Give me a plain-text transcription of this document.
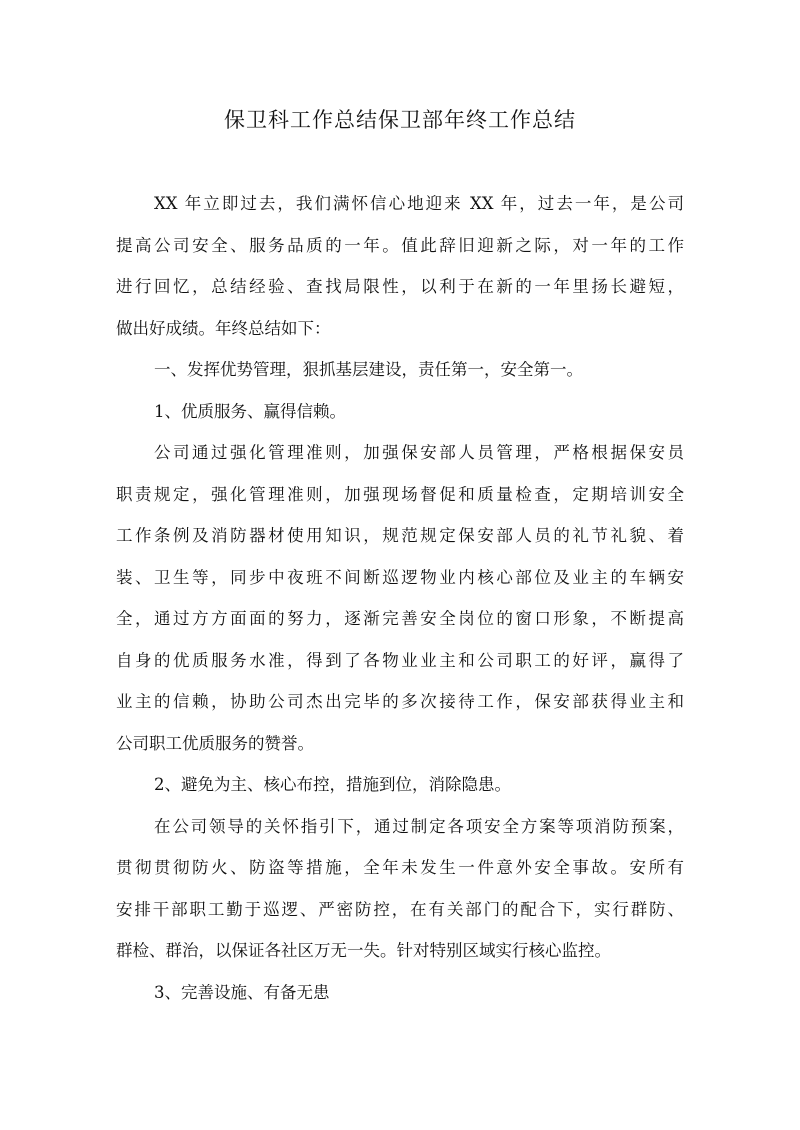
保卫科工作总结保卫部年终工作总结
XX 年立即过去，我们满怀信心地迎来 XX 年，过去一年，是公司
提高公司安全、服务品质的一年。值此辞旧迎新之际，对一年的工作
进行回忆，总结经验、查找局限性，以利于在新的一年里扬长避短，
做出好成绩。年终总结如下：
一、发挥优势管理，狠抓基层建设，责任第一，安全第一。
1、优质服务、赢得信赖。
公司通过强化管理准则，加强保安部人员管理，严格根据保安员
职责规定，强化管理准则，加强现场督促和质量检查，定期培训安全
工作条例及消防器材使用知识，规范规定保安部人员的礼节礼貌、着
装、卫生等，同步中夜班不间断巡逻物业内核心部位及业主的车辆安
全，通过方方面面的努力，逐渐完善安全岗位的窗口形象，不断提高
自身的优质服务水准，得到了各物业业主和公司职工的好评，赢得了
业主的信赖，协助公司杰出完毕的多次接待工作，保安部获得业主和
公司职工优质服务的赞誉。
2、避免为主、核心布控，措施到位，消除隐患。
在公司领导的关怀指引下，通过制定各项安全方案等项消防预案，
贯彻贯彻防火、防盗等措施，全年未发生一件意外安全事故。安所有
安排干部职工勤于巡逻、严密防控，在有关部门的配合下，实行群防、
群检、群治，以保证各社区万无一失。针对特别区域实行核心监控。
3、完善设施、有备无患
